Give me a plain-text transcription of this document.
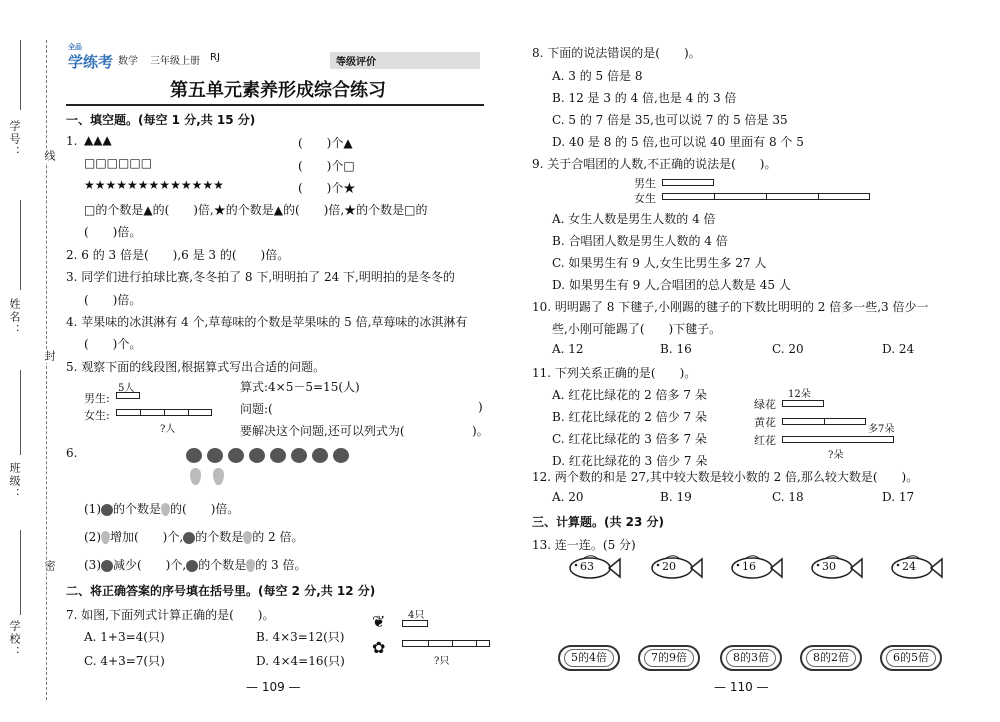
学号：
姓名：
班级：
学校：
线
封
密
全品
学练考 数学 三年级上册 RJ	等级评价
第五单元素养形成综合练习
一、填空题。(每空 1 分,共 15 分)
1. ▲▲▲
□□□□□□
★★★★★★★★★★★★★
(　　)个▲
(　　)个□
(　　)个★
□的个数是▲的(　　)倍,★的个数是▲的(　　)倍,★的个数是□的
(　　)倍。
2. 6 的 3 倍是(　　),6 是 3 的(　　)倍。
3. 同学们进行拍球比赛,冬冬拍了 8 下,明明拍了 24 下,明明拍的是冬冬的
(　　)倍。
4. 苹果味的冰淇淋有 4 个,草莓味的个数是苹果味的 5 倍,草莓味的冰淇淋有
(　　)个。
5. 观察下面的线段图,根据算式写出合适的问题。
5人
男生:
女生:
?人
算式:4×5－5=15(人)
问题:(	)
要解决这个问题,还可以列式为(	)。
6.
(1) 的个数是 的(　　)倍。
(2) 增加(　　)个, 的个数是 的 2 倍。
(3) 减少(　　)个, 的个数是 的 3 倍。
二、将正确答案的序号填在括号里。(每空 2 分,共 12 分)
7. 如图,下面列式计算正确的是(　　)。
A. 1+3=4(只)	B. 4×3=12(只)
C. 4+3=7(只)	D. 4×4=16(只)
❦
✿
4只
?只
— 109 —
8. 下面的说法错误的是(　　)。
A. 3 的 5 倍是 8
B. 12 是 3 的 4 倍,也是 4 的 3 倍
C. 5 的 7 倍是 35,也可以说 7 的 5 倍是 35
D. 40 是 8 的 5 倍,也可以说 40 里面有 8 个 5
9. 关于合唱团的人数,不正确的说法是(　　)。
男生
女生
A. 女生人数是男生人数的 4 倍
B. 合唱团人数是男生人数的 4 倍
C. 如果男生有 9 人,女生比男生多 27 人
D. 如果男生有 9 人,合唱团的总人数是 45 人
10. 明明踢了 8 下毽子,小刚踢的毽子的下数比明明的 2 倍多一些,3 倍少一
些,小刚可能踢了(　　)下毽子。
A. 12	B. 16	C. 20	D. 24
11. 下列关系正确的是(　　)。
A. 红花比绿花的 2 倍多 7 朵
B. 红花比绿花的 2 倍少 7 朵
C. 红花比绿花的 3 倍多 7 朵
D. 红花比绿花的 3 倍少 7 朵
12朵
绿花
黄花
红花
多7朵
?朵
12. 两个数的和是 27,其中较大数是较小数的 2 倍,那么较大数是(　　)。
A. 20	B. 19	C. 18	D. 17
三、计算题。(共 23 分)
13. 连一连。(5 分)
63	20	16	30	24
5的4倍	7的9倍	8的3倍	8的2倍	6的5倍
— 110 —
